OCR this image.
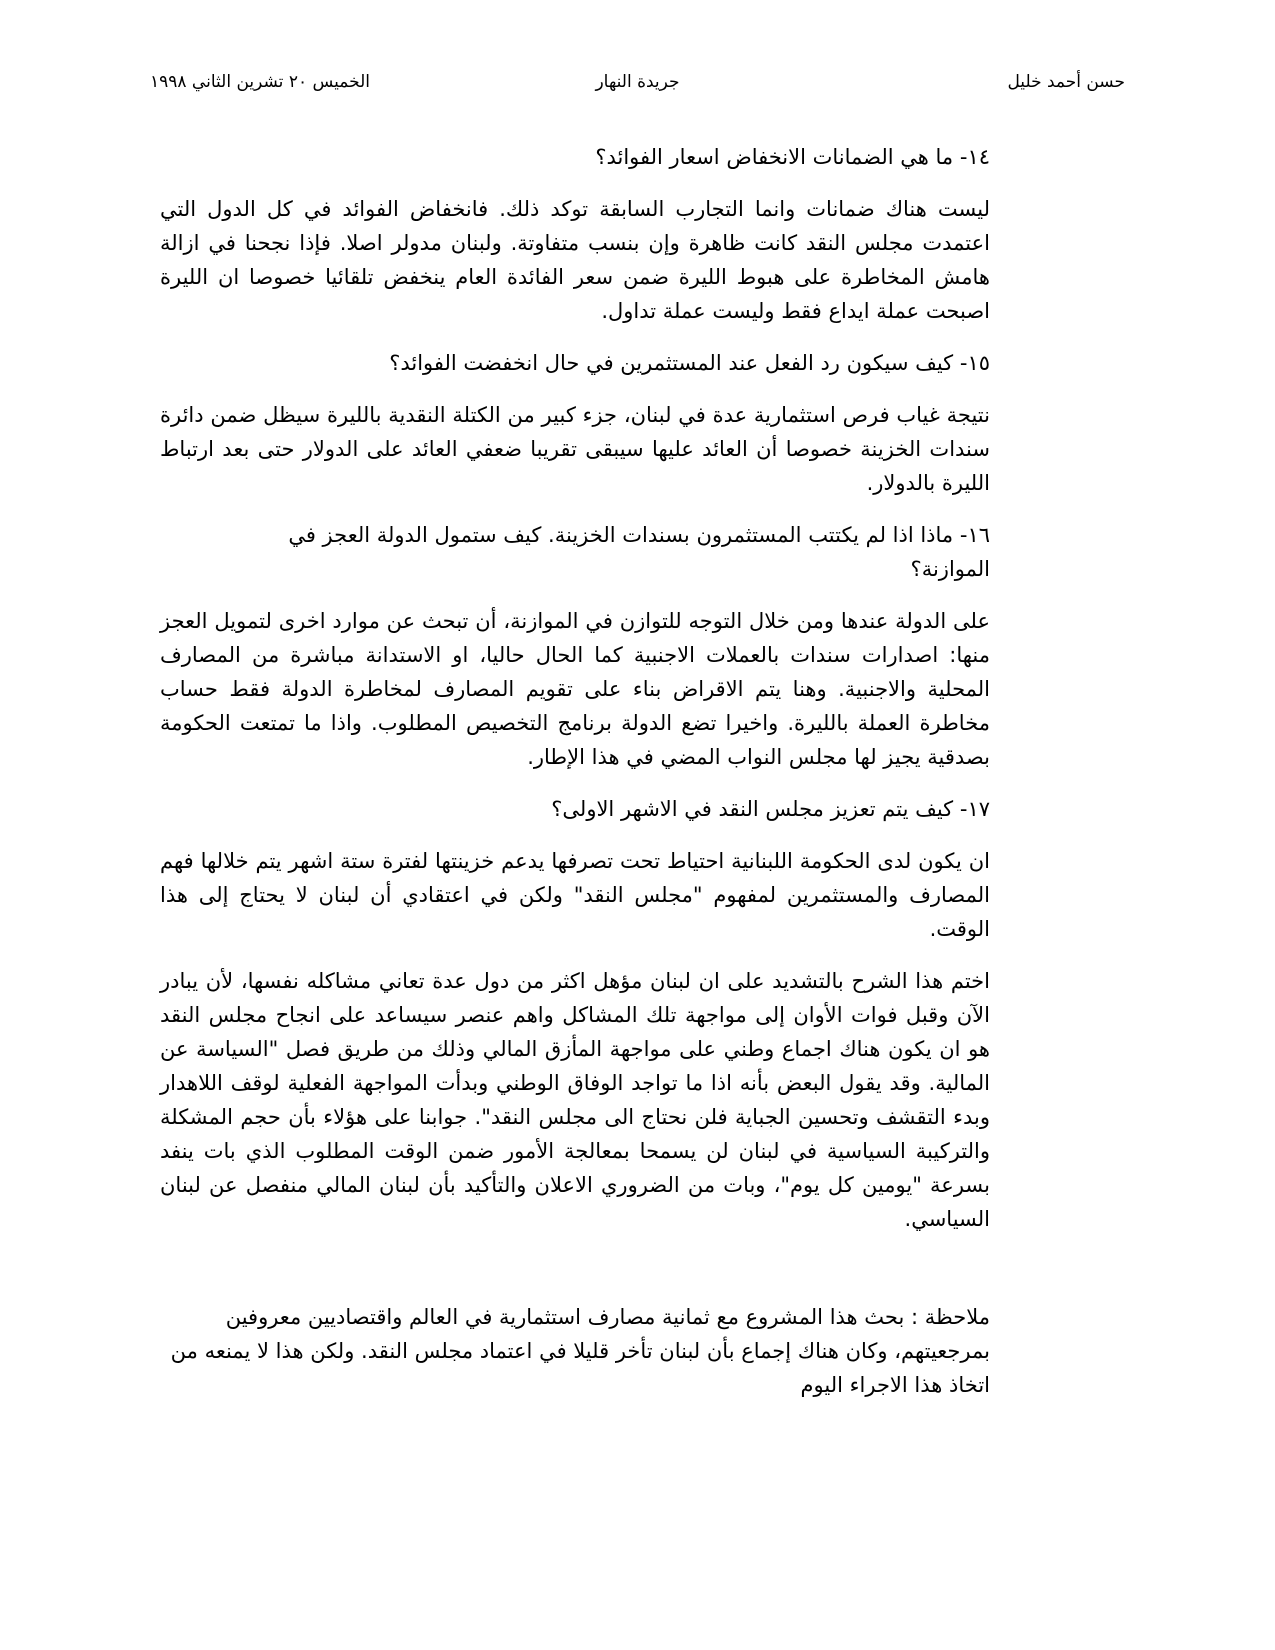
حسن أحمد خليل
جريدة النهار
الخميس ٢٠ تشرين الثاني ١٩٩٨

١٤- ما هي الضمانات الانخفاض اسعار الفوائد؟

ليست هناك ضمانات وانما التجارب السابقة توكد ذلك. فانخفاض الفوائد في كل الدول التي اعتمدت مجلس النقد كانت ظاهرة وإن بنسب متفاوتة. ولبنان مدولر اصلا. فإذا نجحنا في ازالة هامش المخاطرة على هبوط الليرة ضمن سعر الفائدة العام ينخفض تلقائيا خصوصا ان الليرة اصبحت عملة ايداع فقط وليست عملة تداول.

١٥- كيف سيكون رد الفعل عند المستثمرين في حال انخفضت الفوائد؟

نتيجة غياب فرص استثمارية عدة في لبنان، جزء كبير من الكتلة النقدية بالليرة سيظل ضمن دائرة سندات الخزينة خصوصا أن العائد عليها سيبقى تقريبا ضعفي العائد على الدولار حتى بعد ارتباط الليرة بالدولار.

١٦- ماذا اذا لم يكتتب المستثمرون بسندات الخزينة. كيف ستمول الدولة العجز في الموازنة؟

على الدولة عندها ومن خلال التوجه للتوازن في الموازنة، أن تبحث عن موارد اخرى لتمويل العجز منها: اصدارات سندات بالعملات الاجنبية كما الحال حاليا، او الاستدانة مباشرة من المصارف المحلية والاجنبية. وهنا يتم الاقراض بناء على تقويم المصارف لمخاطرة الدولة فقط حساب مخاطرة العملة بالليرة. واخيرا تضع الدولة برنامج التخصيص المطلوب. واذا ما تمتعت الحكومة بصدقية يجيز لها مجلس النواب المضي في هذا الإطار.

١٧- كيف يتم تعزيز مجلس النقد في الاشهر الاولى؟

ان يكون لدى الحكومة اللبنانية احتياط تحت تصرفها يدعم خزينتها لفترة ستة اشهر يتم خلالها فهم المصارف والمستثمرين لمفهوم "مجلس النقد" ولكن في اعتقادي أن لبنان لا يحتاج إلى هذا الوقت.

اختم هذا الشرح بالتشديد على ان لبنان مؤهل اكثر من دول عدة تعاني مشاكله نفسها، لأن يبادر الآن وقبل فوات الأوان إلى مواجهة تلك المشاكل واهم عنصر سيساعد على انجاح مجلس النقد هو ان يكون هناك اجماع وطني على مواجهة المأزق المالي وذلك من طريق فصل "السياسة عن المالية. وقد يقول البعض بأنه اذا ما تواجد الوفاق الوطني وبدأت المواجهة الفعلية لوقف اللاهدار وبدء التقشف وتحسين الجباية فلن نحتاج الى مجلس النقد". جوابنا على هؤلاء بأن حجم المشكلة والتركيبة السياسية في لبنان لن يسمحا بمعالجة الأمور ضمن الوقت المطلوب الذي بات ينفد بسرعة "يومين كل يوم"، وبات من الضروري الاعلان والتأكيد بأن لبنان المالي منفصل عن لبنان السياسي.

ملاحظة : بحث هذا المشروع مع ثمانية مصارف استثمارية في العالم واقتصاديين معروفين بمرجعيتهم، وكان هناك إجماع بأن لبنان تأخر قليلا في اعتماد مجلس النقد. ولكن هذا لا يمنعه من اتخاذ هذا الاجراء اليوم
